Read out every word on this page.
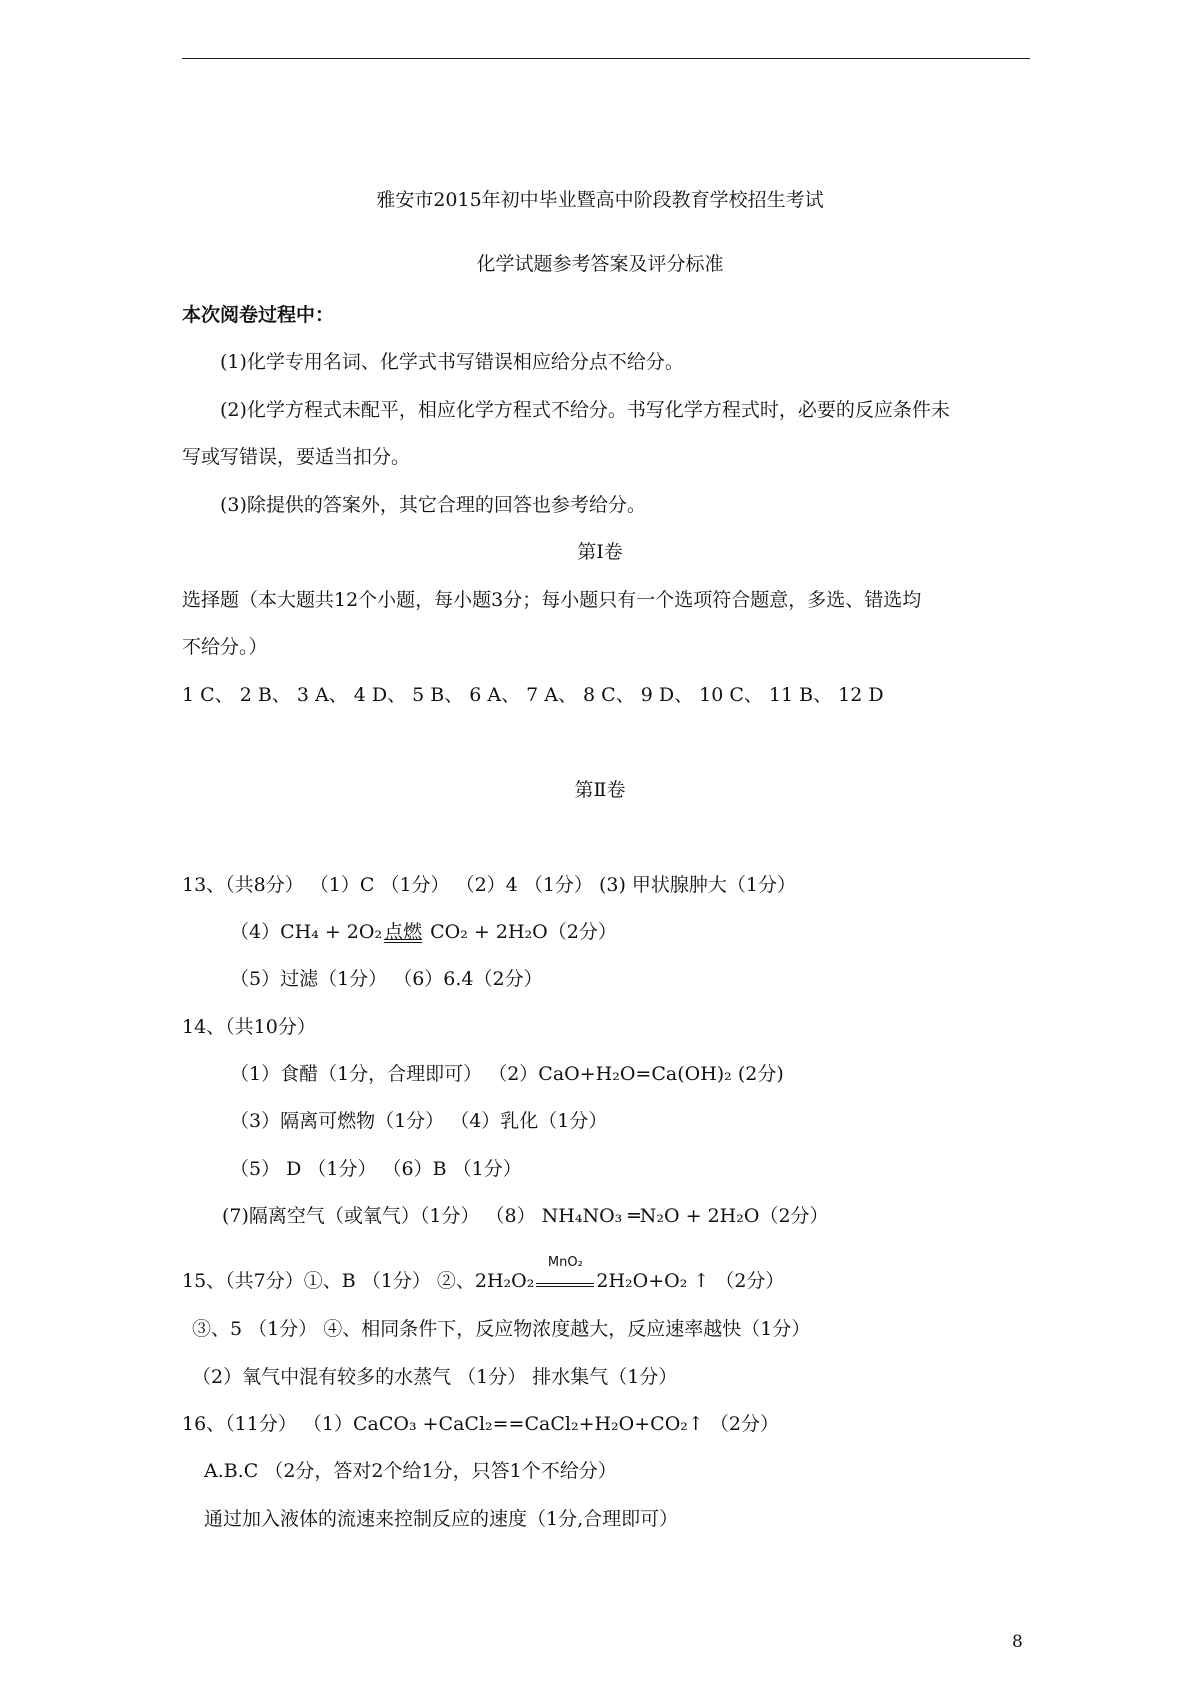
雅安市2015年初中毕业暨高中阶段教育学校招生考试
化学试题参考答案及评分标准
本次阅卷过程中：
(1)化学专用名词、化学式书写错误相应给分点不给分。
(2)化学方程式未配平，相应化学方程式不给分。书写化学方程式时，必要的反应条件未
写或写错误，要适当扣分。
(3)除提供的答案外，其它合理的回答也参考给分。
第Ⅰ卷
选择题（本大题共12个小题，每小题3分；每小题只有一个选项符合题意，多选、错选均
不给分。）
1 C、 2 B、 3 A、 4 D、 5 B、 6 A、 7 A、 8 C、 9 D、 10 C、 11 B、 12 D
第Ⅱ卷
13、（共8分） （1）C （1分） （2）4 （1分） (3) 甲状腺肿大（1分）
（4）CH₄ + 2O₂点燃 CO₂ + 2H₂O（2分）
（5）过滤（1分） （6）6.4（2分）
14、（共10分）
（1）食醋（1分，合理即可） （2）CaO+H₂O=Ca(OH)₂ (2分)
（3）隔离可燃物（1分） （4）乳化（1分）
（5） D （1分） （6）B （1分）
(7)隔离空气（或氧气）（1分） （8） NH₄NO₃ ═N₂O + 2H₂O（2分）
15、（共7分）①、B （1分） ②、2H₂O₂
MnO₂
2H₂O+O₂ ↑ （2分）
③、5 （1分） ④、相同条件下，反应物浓度越大，反应速率越快（1分）
（2）氧气中混有较多的水蒸气 （1分） 排水集气（1分）
16、（11分） （1）CaCO₃ +CaCl₂==CaCl₂+H₂O+CO₂↑ （2分）
A.B.C （2分，答对2个给1分，只答1个不给分）
通过加入液体的流速来控制反应的速度（1分,合理即可）
8
